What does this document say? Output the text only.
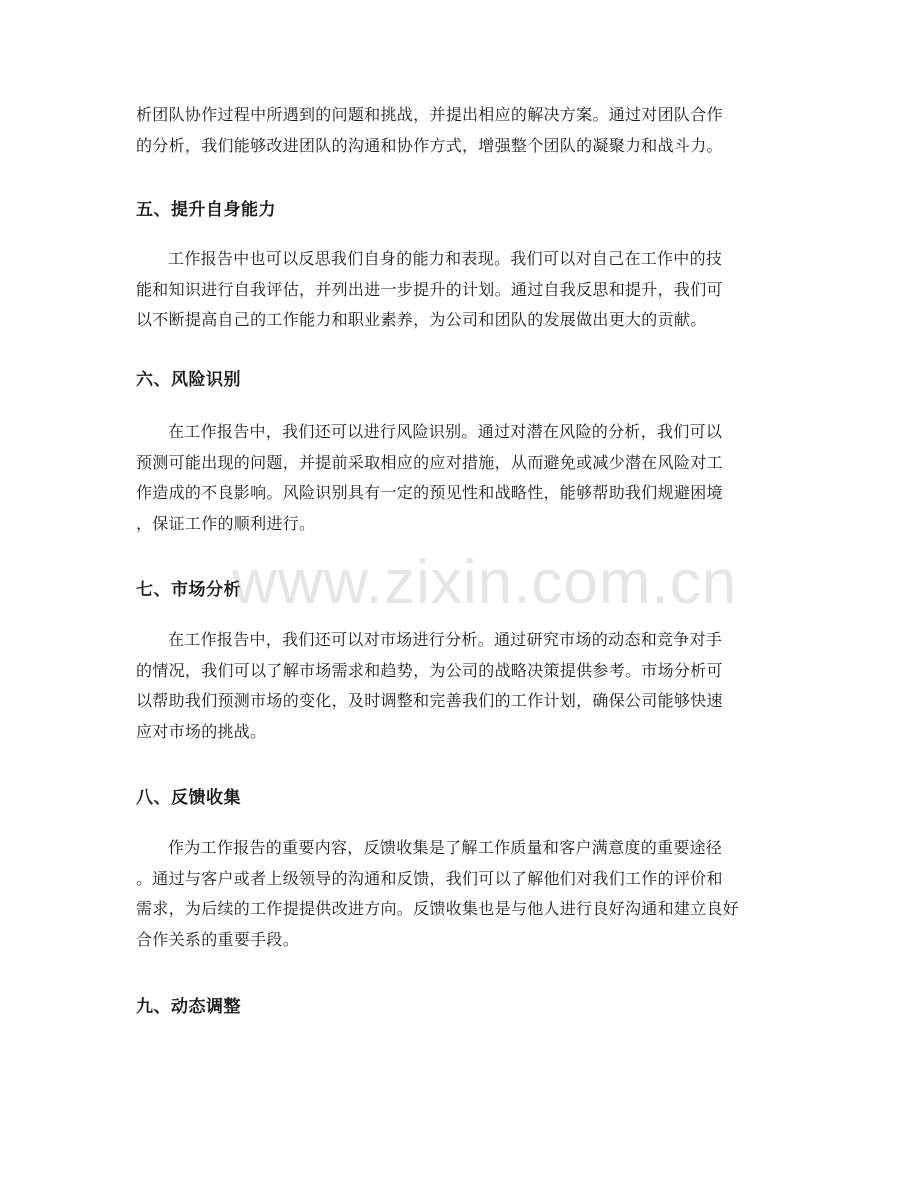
析团队协作过程中所遇到的问题和挑战，并提出相应的解决方案。通过对团队合作
的分析，我们能够改进团队的沟通和协作方式，增强整个团队的凝聚力和战斗力。

五、提升自身能力

工作报告中也可以反思我们自身的能力和表现。我们可以对自己在工作中的技
能和知识进行自我评估，并列出进一步提升的计划。通过自我反思和提升，我们可
以不断提高自己的工作能力和职业素养，为公司和团队的发展做出更大的贡献。

六、风险识别

在工作报告中，我们还可以进行风险识别。通过对潜在风险的分析，我们可以
预测可能出现的问题，并提前采取相应的应对措施，从而避免或减少潜在风险对工
作造成的不良影响。风险识别具有一定的预见性和战略性，能够帮助我们规避困境
，保证工作的顺利进行。

七、市场分析

在工作报告中，我们还可以对市场进行分析。通过研究市场的动态和竞争对手
的情况，我们可以了解市场需求和趋势，为公司的战略决策提供参考。市场分析可
以帮助我们预测市场的变化，及时调整和完善我们的工作计划，确保公司能够快速
应对市场的挑战。

八、反馈收集

作为工作报告的重要内容，反馈收集是了解工作质量和客户满意度的重要途径
。通过与客户或者上级领导的沟通和反馈，我们可以了解他们对我们工作的评价和
需求，为后续的工作提提供改进方向。反馈收集也是与他人进行良好沟通和建立良好
合作关系的重要手段。

九、动态调整
www.zixin.com.cn
